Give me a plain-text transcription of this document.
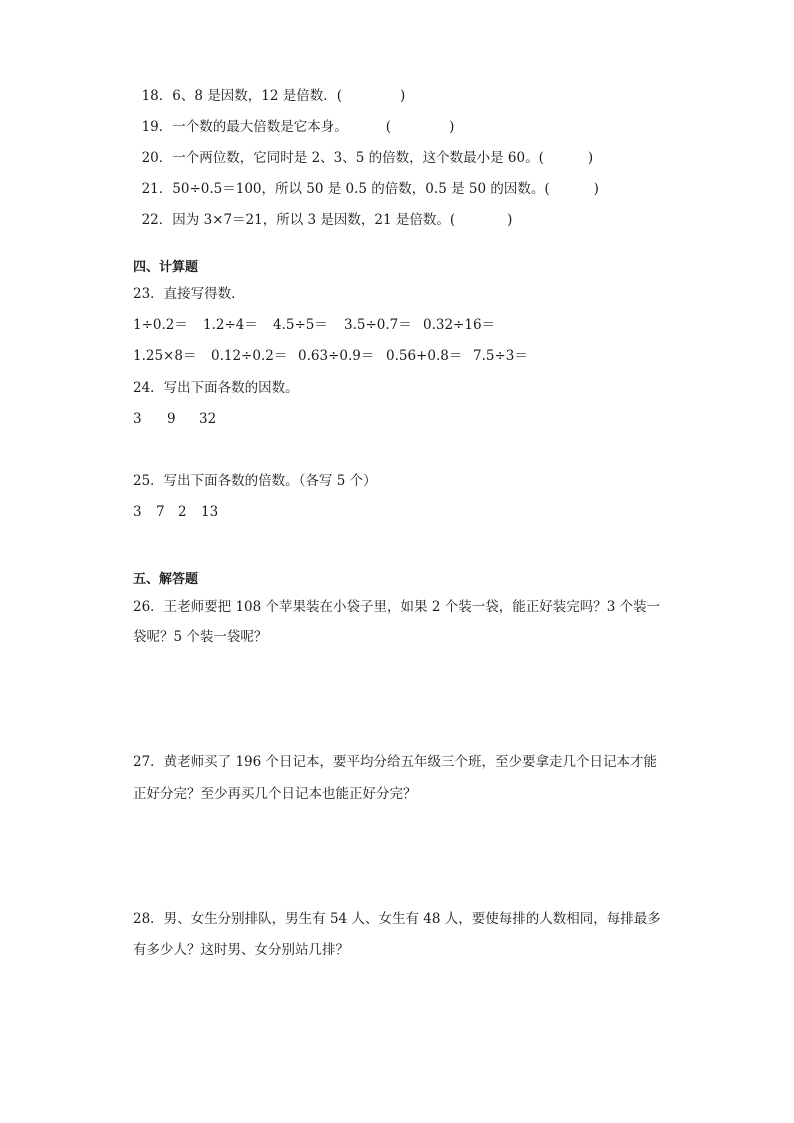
18．6、8 是因数，12 是倍数．(	)

19．一个数的最大倍数是它本身。	(	)

20．一个两位数，它同时是 2、3、5 的倍数，这个数最小是 60。(	)

21．50÷0.5＝100，所以 50 是 0.5 的倍数，0.5 是 50 的因数。(	)

22．因为 3×7＝21，所以 3 是因数，21 是倍数。(	)

四、计算题
23．直接写得数．

1÷0.2＝

1.2÷4＝

4.5÷5＝

3.5÷0.7＝

0.32÷16＝

1.25×8＝

0.12÷0.2＝

0.63÷0.9＝

0.56+0.8＝

7.5÷3＝

24．写出下面各数的因数。

3

9

32

25．写出下面各数的倍数。（各写 5 个）

3

7

2

13

五、解答题
26．王老师要把 108 个苹果装在小袋子里，如果 2 个装一袋，能正好装完吗？3 个装一
袋呢？5 个装一袋呢？
27．黄老师买了 196 个日记本，要平均分给五年级三个班，至少要拿走几个日记本才能
正好分完？至少再买几个日记本也能正好分完？
28．男、女生分别排队，男生有 54 人、女生有 48 人，要使每排的人数相同，每排最多
有多少人？这时男、女分别站几排？
